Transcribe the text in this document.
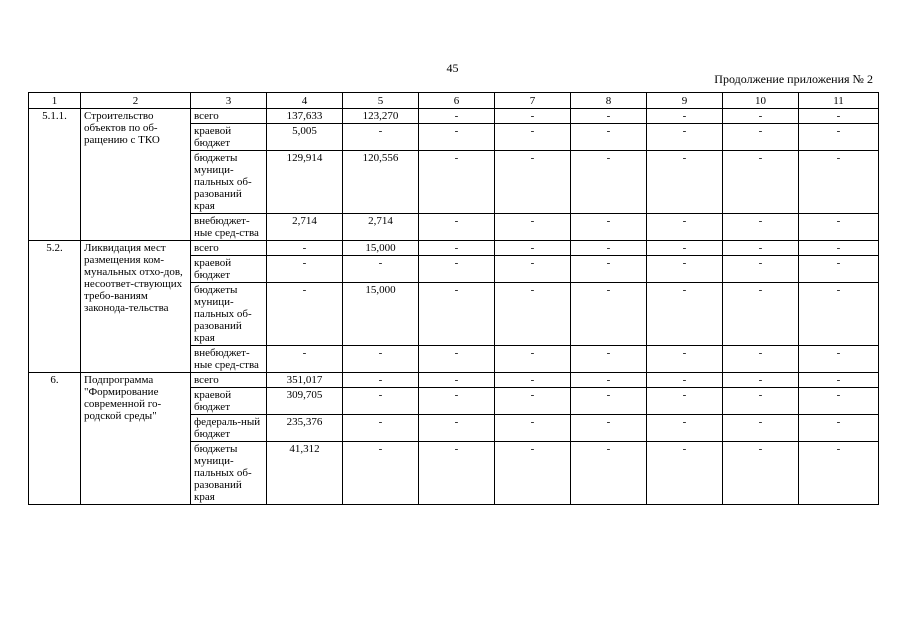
45
Продолжение приложения № 2
1	2	3	4	5	6	7	8	9	10	11
5.1.1.	Строительство объектов по об-ращению с ТКО	всего	137,633	123,270	-	-	-	-	-	-
		краевой бюджет	5,005	-	-	-	-	-	-	-
		бюджеты муници-пальных об-разований края	129,914	120,556	-	-	-	-	-	-
		внебюджет-ные сред-ства	2,714	2,714	-	-	-	-	-	-
5.2.	Ликвидация мест размещения ком-мунальных отхо-дов, несоответ-ствующих требо-ваниям законода-тельства	всего	-	15,000	-	-	-	-	-	-
		краевой бюджет	-	-	-	-	-	-	-	-
		бюджеты муници-пальных об-разований края	-	15,000	-	-	-	-	-	-
		внебюджет-ные сред-ства	-	-	-	-	-	-	-	-
6.	Подпрограмма "Формирование современной го-родской среды"	всего	351,017	-	-	-	-	-	-	-
		краевой бюджет	309,705	-	-	-	-	-	-	-
		федераль-ный бюджет	235,376	-	-	-	-	-	-	-
		бюджеты муници-пальных об-разований края	41,312	-	-	-	-	-	-	-
